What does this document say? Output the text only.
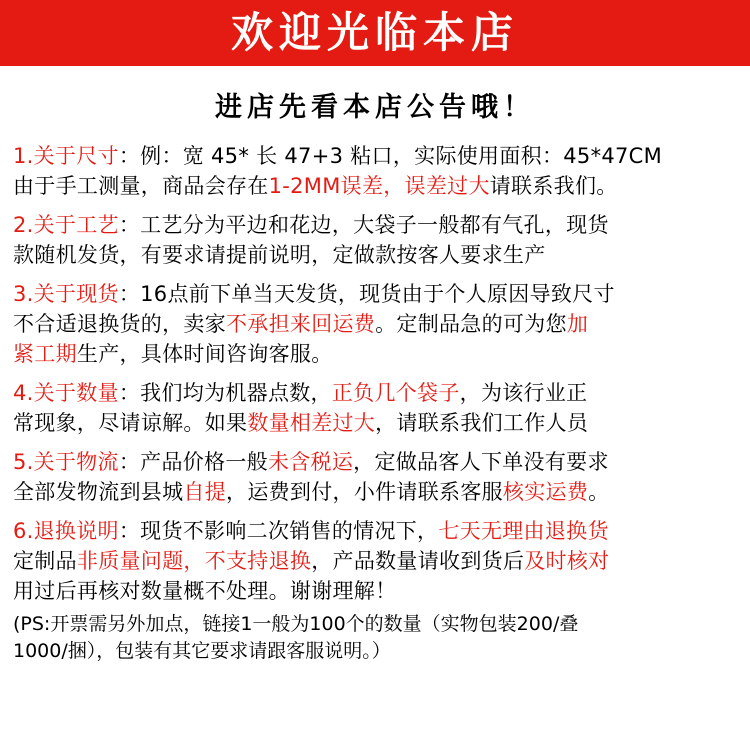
欢迎光临本店
进店先看本店公告哦！

1.关于尺寸：例：宽 45* 长 47+3 粘口，实际使用面积：45*47CM

由于手工测量，商品会存在1-2MM误差，误差过大请联系我们。

2.关于工艺：工艺分为平边和花边，大袋子一般都有气孔，现货

款随机发货，有要求请提前说明，定做款按客人要求生产

3.关于现货：16点前下单当天发货，现货由于个人原因导致尺寸

不合适退换货的，卖家不承担来回运费。定制品急的可为您加

紧工期生产，具体时间咨询客服。

4.关于数量：我们均为机器点数，正负几个袋子，为该行业正

常现象，尽请谅解。如果数量相差过大，请联系我们工作人员

5.关于物流：产品价格一般未含税运，定做品客人下单没有要求

全部发物流到县城自提，运费到付，小件请联系客服核实运费。

6.退换说明：现货不影响二次销售的情况下，七天无理由退换货

定制品非质量问题，不支持退换，产品数量请收到货后及时核对

用过后再核对数量概不处理。谢谢理解！

(PS:开票需另外加点，链接1一般为100个的数量（实物包装200/叠

1000/捆），包装有其它要求请跟客服说明。）
